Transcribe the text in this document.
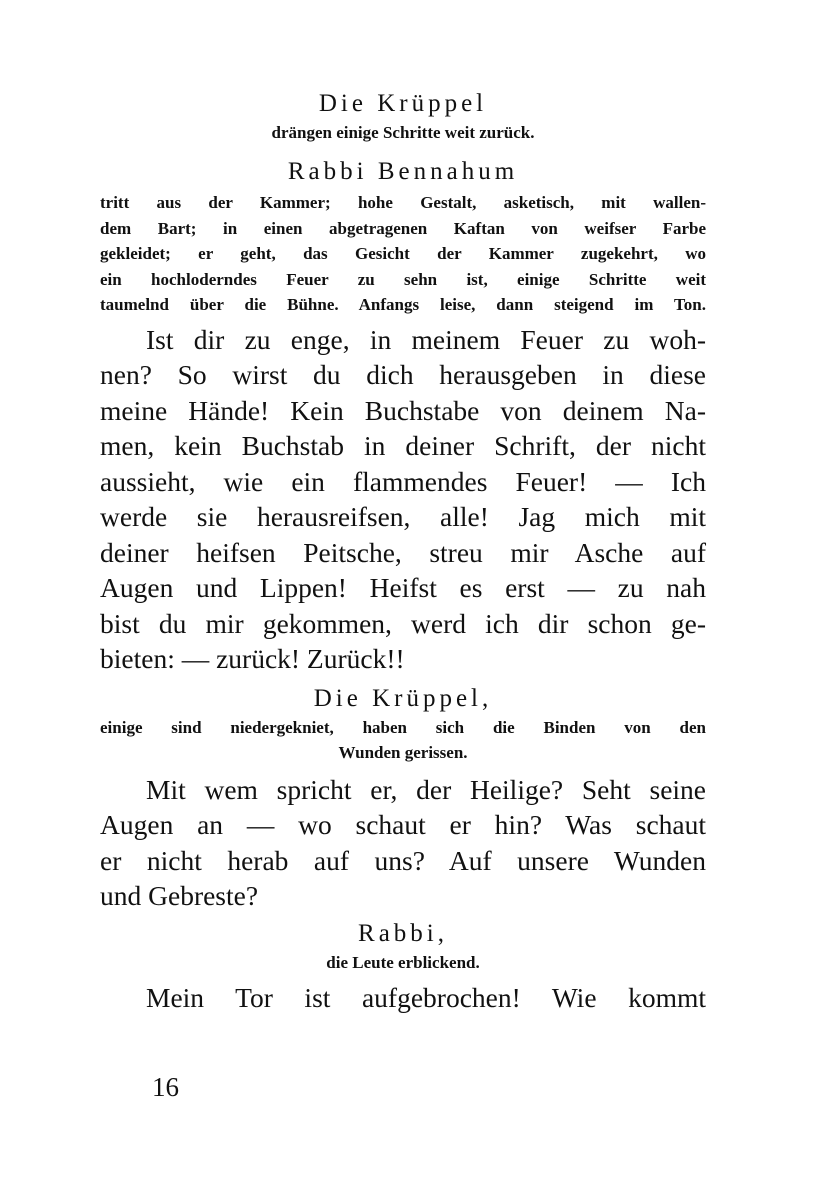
Die Krüppel

drängen einige Schritte weit zurück.

Rabbi Bennahum

tritt aus der Kammer; hohe Gestalt, asketisch, mit wallen-
dem Bart; in einen abgetragenen Kaftan von weifser Farbe
gekleidet; er geht, das Gesicht der Kammer zugekehrt, wo
ein hochloderndes Feuer zu sehn ist, einige Schritte weit
taumelnd über die Bühne. Anfangs leise, dann steigend im Ton.
Ist dir zu enge, in meinem Feuer zu woh-
nen? So wirst du dich herausgeben in diese
meine Hände! Kein Buchstabe von deinem Na-
men, kein Buchstab in deiner Schrift, der nicht
aussieht, wie ein flammendes Feuer! — Ich
werde sie herausreifsen, alle! Jag mich mit
deiner heifsen Peitsche, streu mir Asche auf
Augen und Lippen! Heifst es erst — zu nah
bist du mir gekommen, werd ich dir schon ge-
bieten: — zurück! Zurück!!

Die Krüppel,

einige sind niedergekniet, haben sich die Binden von den
Wunden gerissen.
Mit wem spricht er, der Heilige? Seht seine
Augen an — wo schaut er hin? Was schaut
er nicht herab auf uns? Auf unsere Wunden
und Gebreste?

Rabbi,

die Leute erblickend.

Mein Tor ist aufgebrochen! Wie kommt

16
